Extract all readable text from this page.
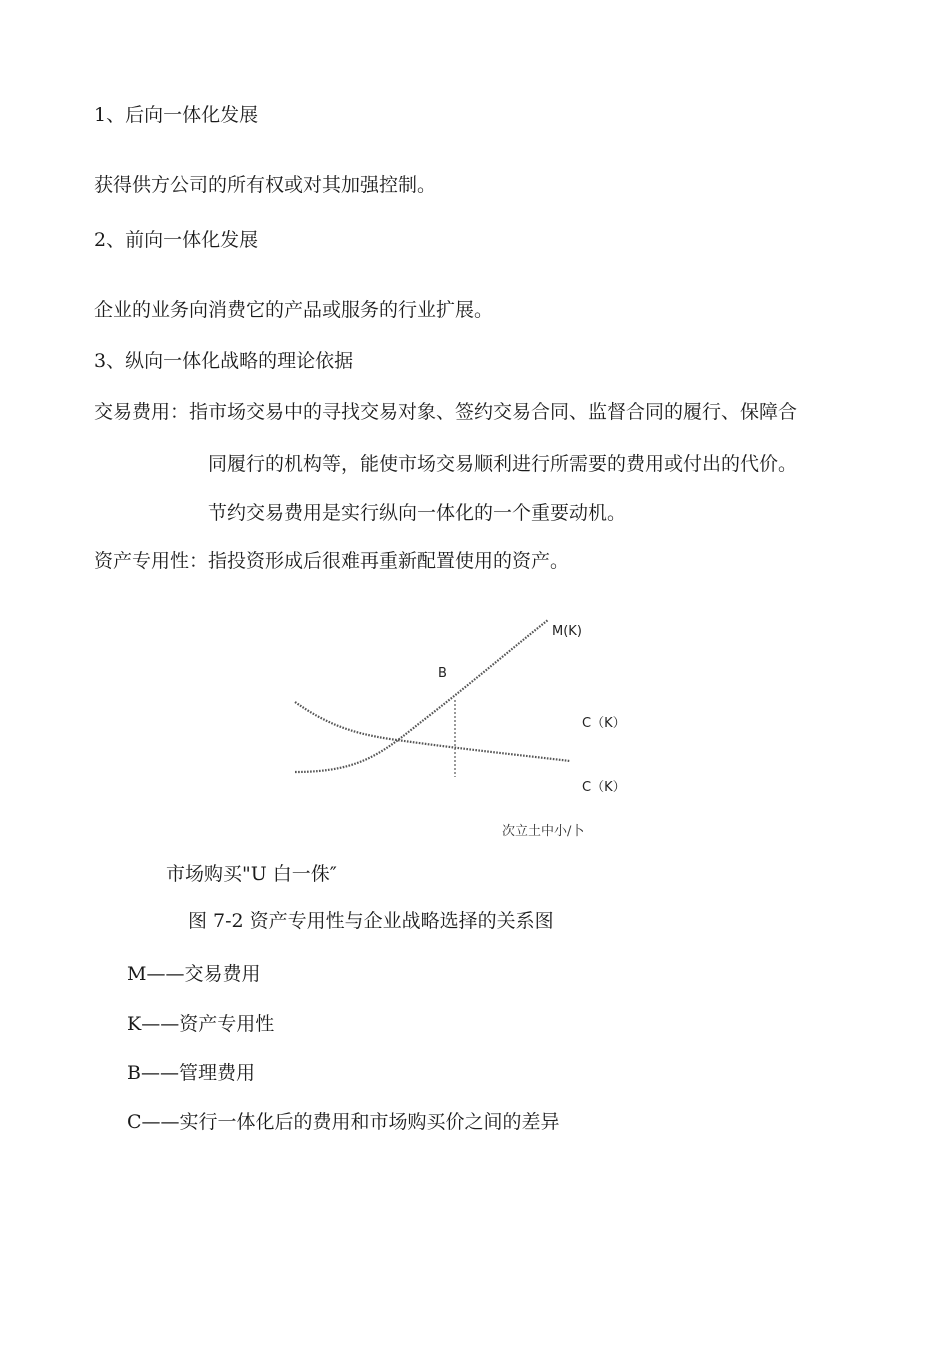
1、后向一体化发展
获得供方公司的所有权或对其加强控制。
2、前向一体化发展
企业的业务向消费它的产品或服务的行业扩展。
3、纵向一体化战略的理论依据
交易费用：指市场交易中的寻找交易对象、签约交易合同、监督合同的履行、保障合
同履行的机构等，能使市场交易顺利进行所需要的费用或付出的代价。
节约交易费用是实行纵向一体化的一个重要动机。
资产专用性：指投资形成后很难再重新配置使用的资产。
M(K)
B
C（K）
C（K）
次立土中小/卜
市场购买"U 白一侏″
图 7-2 资产专用性与企业战略选择的关系图
M——交易费用
K——资产专用性
B——管理费用
C——实行一体化后的费用和市场购买价之间的差异
